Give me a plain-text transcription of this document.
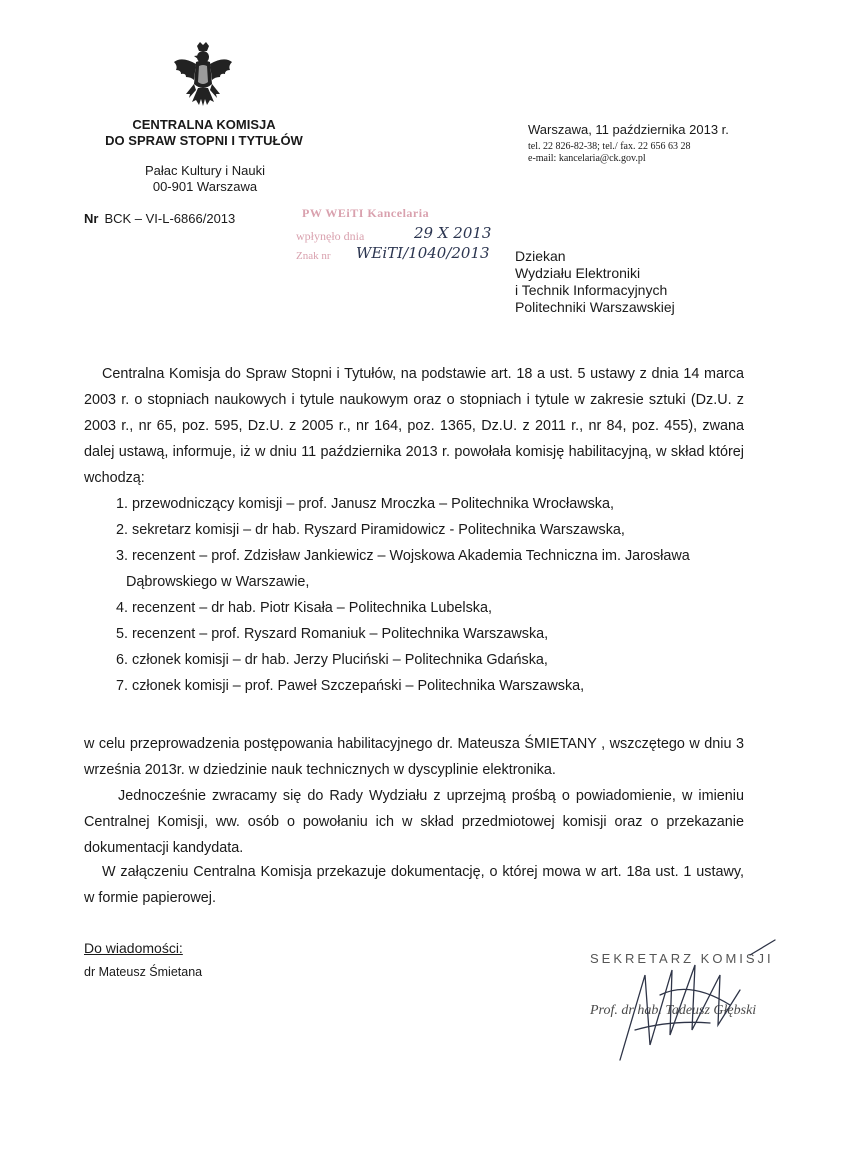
CENTRALNA KOMISJA
DO SPRAW STOPNI I TYTUŁÓW
Pałac Kultury i Nauki
00-901 Warszawa
Nr BCK – VI-L-6866/2013
Warszawa, 11 października 2013 r.
tel. 22 826-82-38; tel./ fax. 22 656 63 28
e-mail: kancelaria@ck.gov.pl
PW WEiTI Kancelaria
wpłynęło dnia
Znak nr
29 X 2013
WEiTI/1040/2013 Dziekan
Wydziału Elektroniki
i Technik Informacyjnych
Politechniki Warszawskiej
Centralna Komisja do Spraw Stopni i Tytułów, na podstawie art. 18 a ust. 5 ustawy z dnia 14 marca 2003 r. o stopniach naukowych i tytule naukowym oraz o stopniach i tytule w zakresie sztuki (Dz.U. z 2003 r., nr 65, poz. 595, Dz.U. z 2005 r., nr 164, poz. 1365, Dz.U. z 2011 r., nr 84, poz. 455), zwana dalej ustawą, informuje, iż w dniu 11 października 2013 r. powołała komisję habilitacyjną, w skład której wchodzą:
1. przewodniczący komisji – prof. Janusz Mroczka – Politechnika Wrocławska,
2. sekretarz komisji – dr hab. Ryszard Piramidowicz - Politechnika Warszawska,
3. recenzent – prof. Zdzisław Jankiewicz – Wojskowa Akademia Techniczna im. Jarosława
Dąbrowskiego w Warszawie,
4. recenzent – dr hab. Piotr Kisała – Politechnika Lubelska,
5. recenzent – prof. Ryszard Romaniuk – Politechnika Warszawska,
6. członek komisji – dr hab. Jerzy Pluciński – Politechnika Gdańska,
7. członek komisji – prof. Paweł Szczepański – Politechnika Warszawska,
w celu przeprowadzenia postępowania habilitacyjnego dr. Mateusza ŚMIETANY , wszczętego w dniu 3 września 2013r. w dziedzinie nauk technicznych w dyscyplinie elektronika.
Jednocześnie zwracamy się do Rady Wydziału z uprzejmą prośbą o powiadomienie, w imieniu Centralnej Komisji, ww. osób o powołaniu ich w skład przedmiotowej komisji oraz o przekazanie dokumentacji kandydata.
W załączeniu Centralna Komisja przekazuje dokumentację, o której mowa w art. 18a ust. 1 ustawy, w formie papierowej.
Do wiadomości:
dr Mateusz Śmietana
SEKRETARZ KOMISJI
Prof. dr hab. Tadeusz Głębski
